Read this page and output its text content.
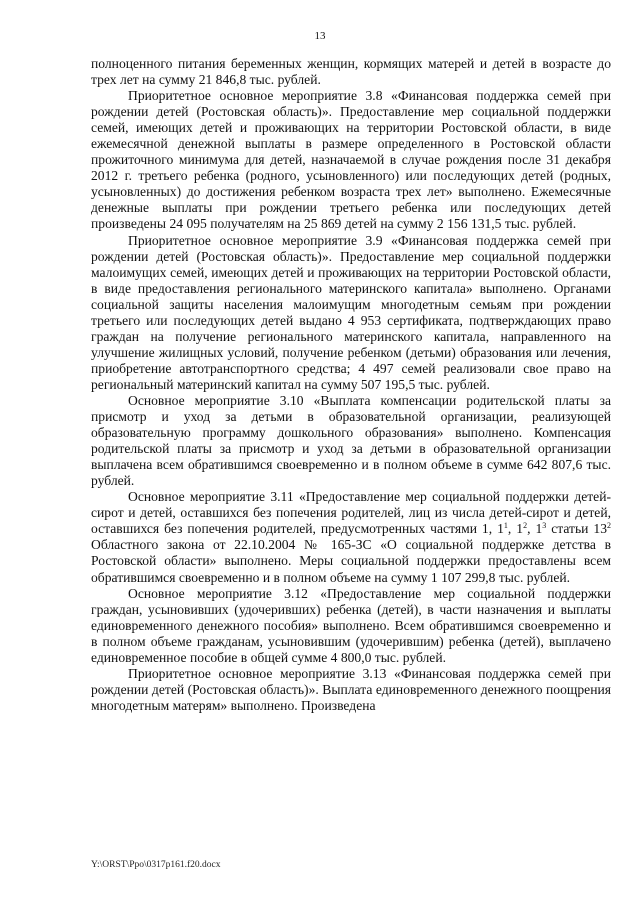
13

полноценного питания беременных женщин, кормящих матерей и детей в возрасте до трех лет на сумму 21 846,8 тыс. рублей.

Приоритетное основное мероприятие 3.8 «Финансовая поддержка семей при рождении детей (Ростовская область)». Предоставление мер социальной поддержки семей, имеющих детей и проживающих на территории Ростовской области, в виде ежемесячной денежной выплаты в размере определенного в Ростовской области прожиточного минимума для детей, назначаемой в случае рождения после 31 декабря 2012 г. третьего ребенка (родного, усыновленного) или последующих детей (родных, усыновленных) до достижения ребенком возраста трех лет» выполнено. Ежемесячные денежные выплаты при рождении третьего ребенка или последующих детей произведены 24 095 получателям на 25 869 детей на сумму 2 156 131,5 тыс. рублей.

Приоритетное основное мероприятие 3.9 «Финансовая поддержка семей при рождении детей (Ростовская область)». Предоставление мер социальной поддержки малоимущих семей, имеющих детей и проживающих на территории Ростовской области, в виде предоставления регионального материнского капитала» выполнено. Органами социальной защиты населения малоимущим многодетным семьям при рождении третьего или последующих детей выдано 4 953 сертификата, подтверждающих право граждан на получение регионального материнского капитала, направленного на улучшение жилищных условий, получение ребенком (детьми) образования или лечения, приобретение автотранспортного средства; 4 497 семей реализовали свое право на региональный материнский капитал на сумму 507 195,5 тыс. рублей.

Основное мероприятие 3.10 «Выплата компенсации родительской платы за присмотр и уход за детьми в образовательной организации, реализующей образовательную программу дошкольного образования» выполнено. Компенсация родительской платы за присмотр и уход за детьми в образовательной организации выплачена всем обратившимся своевременно и в полном объеме в сумме 642 807,6 тыс. рублей.

Основное мероприятие 3.11 «Предоставление мер социальной поддержки детей-сирот и детей, оставшихся без попечения родителей, лиц из числа детей-сирот и детей, оставшихся без попечения родителей, предусмотренных частями 1, $1^1$, $1^2$, $1^3$ статьи $13^2$ Областного закона от 22.10.2004 № 165-ЗС «О социальной поддержке детства в Ростовской области» выполнено. Меры социальной поддержки предоставлены всем обратившимся своевременно и в полном объеме на сумму 1 107 299,8 тыс. рублей.

Основное мероприятие 3.12 «Предоставление мер социальной поддержки граждан, усыновивших (удочеривших) ребенка (детей), в части назначения и выплаты единовременного денежного пособия» выполнено. Всем обратившимся своевременно и в полном объеме гражданам, усыновившим (удочерившим) ребенка (детей), выплачено единовременное пособие в общей сумме 4 800,0 тыс. рублей.

Приоритетное основное мероприятие 3.13 «Финансовая поддержка семей при рождении детей (Ростовская область)». Выплата единовременного денежного поощрения многодетным матерям» выполнено. Произведена

Y:\ORST\Ppo\0317p161.f20.docx
